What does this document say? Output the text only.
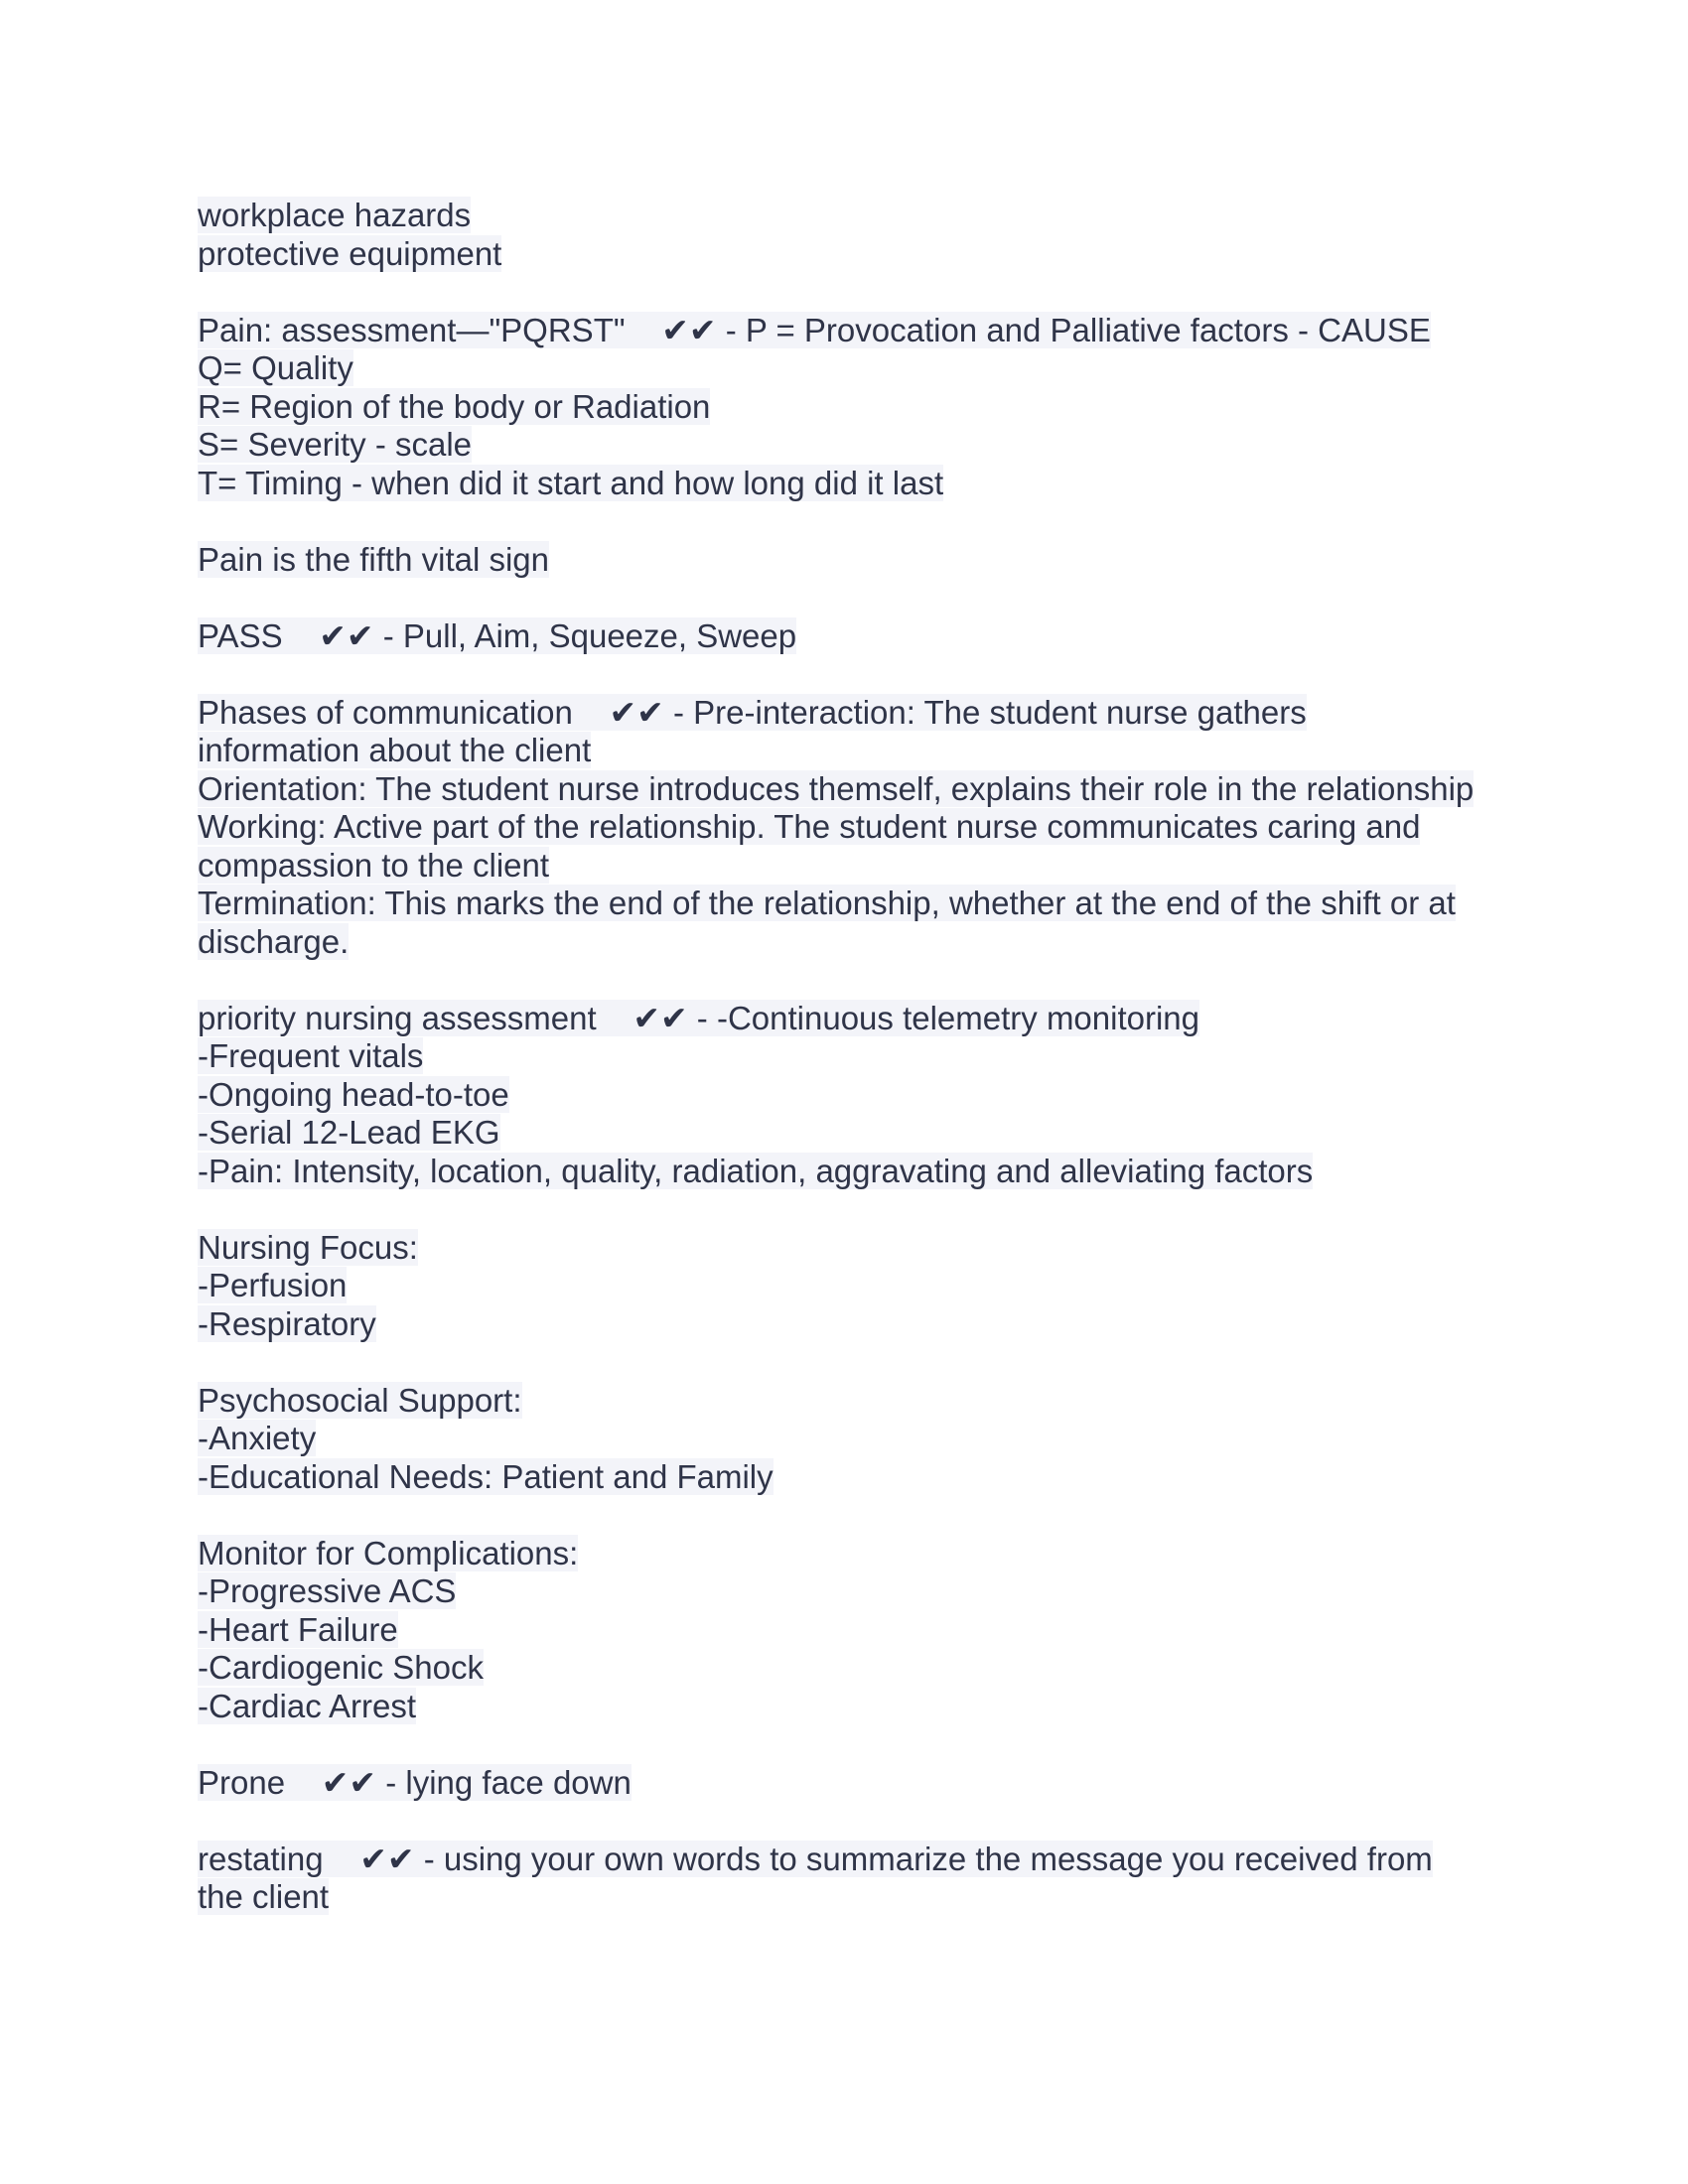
workplace hazards
protective equipment
Pain: assessment—"PQRST"    ✔✔ - P = Provocation and Palliative factors - CAUSE
Q= Quality
R= Region of the body or Radiation
S= Severity - scale
T= Timing - when did it start and how long did it last
Pain is the fifth vital sign
PASS    ✔✔ - Pull, Aim, Squeeze, Sweep
Phases of communication    ✔✔ - Pre-interaction: The student nurse gathers
information about the client
Orientation: The student nurse introduces themself, explains their role in the relationship
Working: Active part of the relationship. The student nurse communicates caring and
compassion to the client
Termination: This marks the end of the relationship, whether at the end of the shift or at
discharge.
priority nursing assessment    ✔✔ - -Continuous telemetry monitoring
-Frequent vitals
-Ongoing head-to-toe
-Serial 12-Lead EKG
-Pain: Intensity, location, quality, radiation, aggravating and alleviating factors
Nursing Focus:
-Perfusion
-Respiratory
Psychosocial Support:
-Anxiety
-Educational Needs: Patient and Family
Monitor for Complications:
-Progressive ACS
-Heart Failure
-Cardiogenic Shock
-Cardiac Arrest
Prone    ✔✔ - lying face down
restating    ✔✔ - using your own words to summarize the message you received from
the client
